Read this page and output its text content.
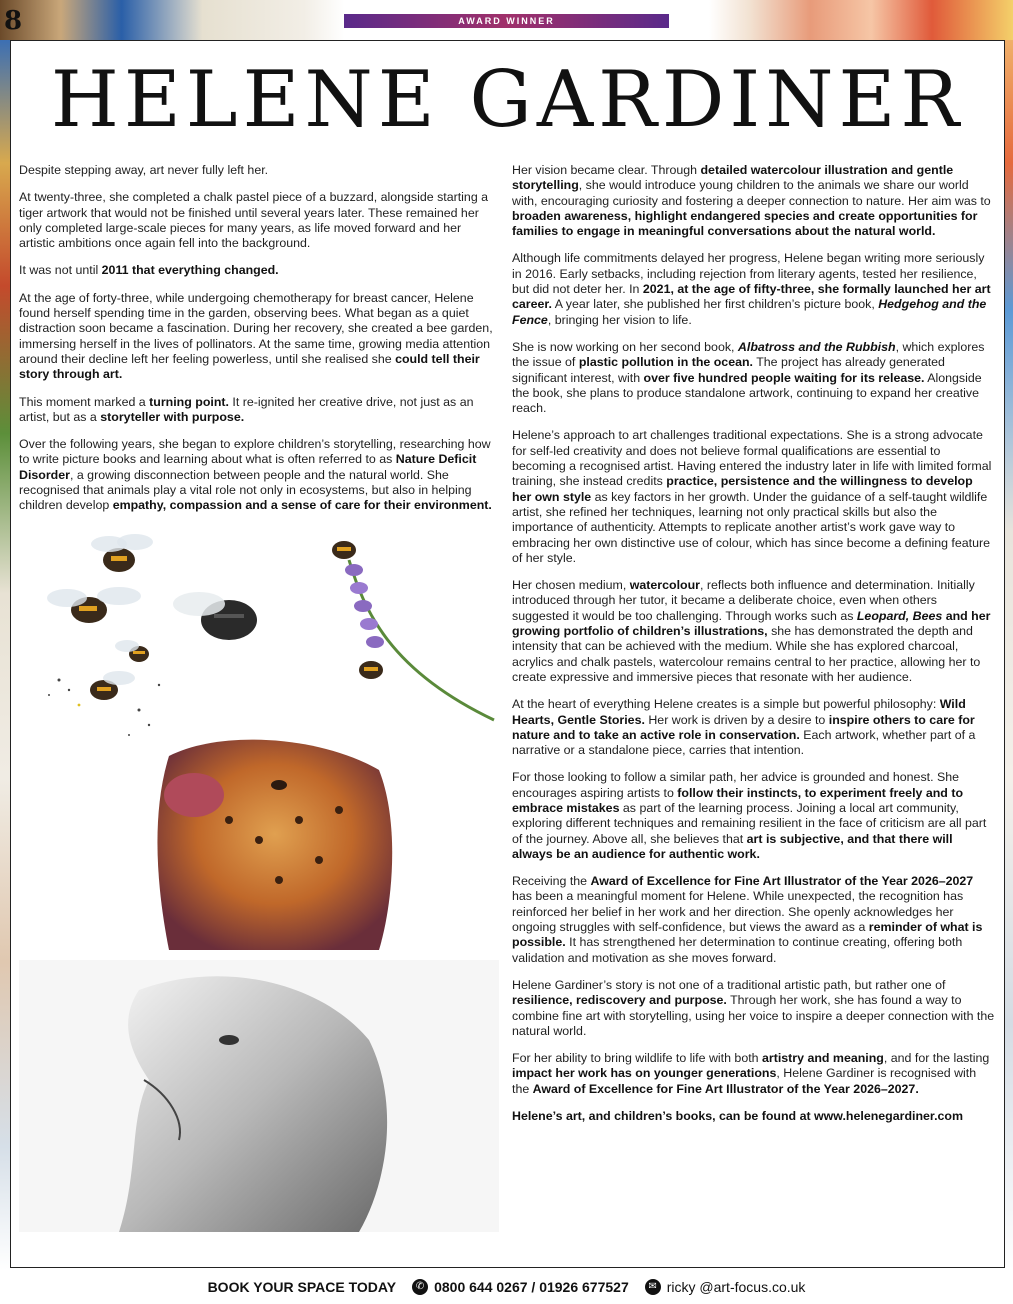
8	AWARD WINNER
HELENE GARDINER

Despite stepping away, art never fully left her.

At twenty-three, she completed a chalk pastel piece of a buzzard, alongside starting a tiger artwork that would not be finished until several years later. These remained her only completed large-scale pieces for many years, as life moved forward and her artistic ambitions once again fell into the background.

It was not until 2011 that everything changed.

At the age of forty-three, while undergoing chemotherapy for breast cancer, Helene found herself spending time in the garden, observing bees. What began as a quiet distraction soon became a fascination. During her recovery, she created a bee garden, immersing herself in the lives of pollinators. At the same time, growing media attention around their decline left her feeling powerless, until she realised she could tell their story through art.

This moment marked a turning point. It re-ignited her creative drive, not just as an artist, but as a storyteller with purpose.

Over the following years, she began to explore children’s storytelling, researching how to write picture books and learning about what is often referred to as Nature Deficit Disorder, a growing disconnection between people and the natural world. She recognised that animals play a vital role not only in ecosystems, but also in helping children develop empathy, compassion and a sense of care for their environment.

Her vision became clear. Through detailed watercolour illustration and gentle storytelling, she would introduce young children to the animals we share our world with, encouraging curiosity and fostering a deeper connection to nature. Her aim was to broaden awareness, highlight endangered species and create opportunities for families to engage in meaningful conversations about the natural world.

Although life commitments delayed her progress, Helene began writing more seriously in 2016. Early setbacks, including rejection from literary agents, tested her resilience, but did not deter her. In 2021, at the age of fifty-three, she formally launched her art career. A year later, she published her first children’s picture book, Hedgehog and the Fence, bringing her vision to life.

She is now working on her second book, Albatross and the Rubbish, which explores the issue of plastic pollution in the ocean. The project has already generated significant interest, with over five hundred people waiting for its release. Alongside the book, she plans to produce standalone artwork, continuing to expand her creative reach.

Helene’s approach to art challenges traditional expectations. She is a strong advocate for self-led creativity and does not believe formal qualifications are essential to becoming a recognised artist. Having entered the industry later in life with limited formal training, she instead credits practice, persistence and the willingness to develop her own style as key factors in her growth. Under the guidance of a self-taught wildlife artist, she refined her techniques, learning not only practical skills but also the importance of authenticity. Attempts to replicate another artist’s work gave way to embracing her own distinctive use of colour, which has since become a defining feature of her style.

Her chosen medium, watercolour, reflects both influence and determination. Initially introduced through her tutor, it became a deliberate choice, even when others suggested it would be too challenging. Through works such as Leopard, Bees and her growing portfolio of children’s illustrations, she has demonstrated the depth and intensity that can be achieved with the medium. While she has explored charcoal, acrylics and chalk pastels, watercolour remains central to her practice, allowing her to create expressive and immersive pieces that resonate with her audience.

At the heart of everything Helene creates is a simple but powerful philosophy: Wild Hearts, Gentle Stories. Her work is driven by a desire to inspire others to care for nature and to take an active role in conservation. Each artwork, whether part of a narrative or a standalone piece, carries that intention.

For those looking to follow a similar path, her advice is grounded and honest. She encourages aspiring artists to follow their instincts, to experiment freely and to embrace mistakes as part of the learning process. Joining a local art community, exploring different techniques and remaining resilient in the face of criticism are all part of the journey. Above all, she believes that art is subjective, and that there will always be an audience for authentic work.

Receiving the Award of Excellence for Fine Art Illustrator of the Year 2026–2027 has been a meaningful moment for Helene. While unexpected, the recognition has reinforced her belief in her work and her direction. She openly acknowledges her ongoing struggles with self-confidence, but views the award as a reminder of what is possible. It has strengthened her determination to continue creating, offering both validation and motivation as she moves forward.

Helene Gardiner’s story is not one of a traditional artistic path, but rather one of resilience, rediscovery and purpose. Through her work, she has found a way to combine fine art with storytelling, using her voice to inspire a deeper connection with the natural world.

For her ability to bring wildlife to life with both artistry and meaning, and for the lasting impact her work has on younger generations, Helene Gardiner is recognised with the Award of Excellence for Fine Art Illustrator of the Year 2026–2027.

Helene’s art, and children’s books, can be found at www.helenegardiner.com

BOOK YOUR SPACE TODAY	✆ 0800 644 0267 / 01926 677527	✉ ricky @art-focus.co.uk
